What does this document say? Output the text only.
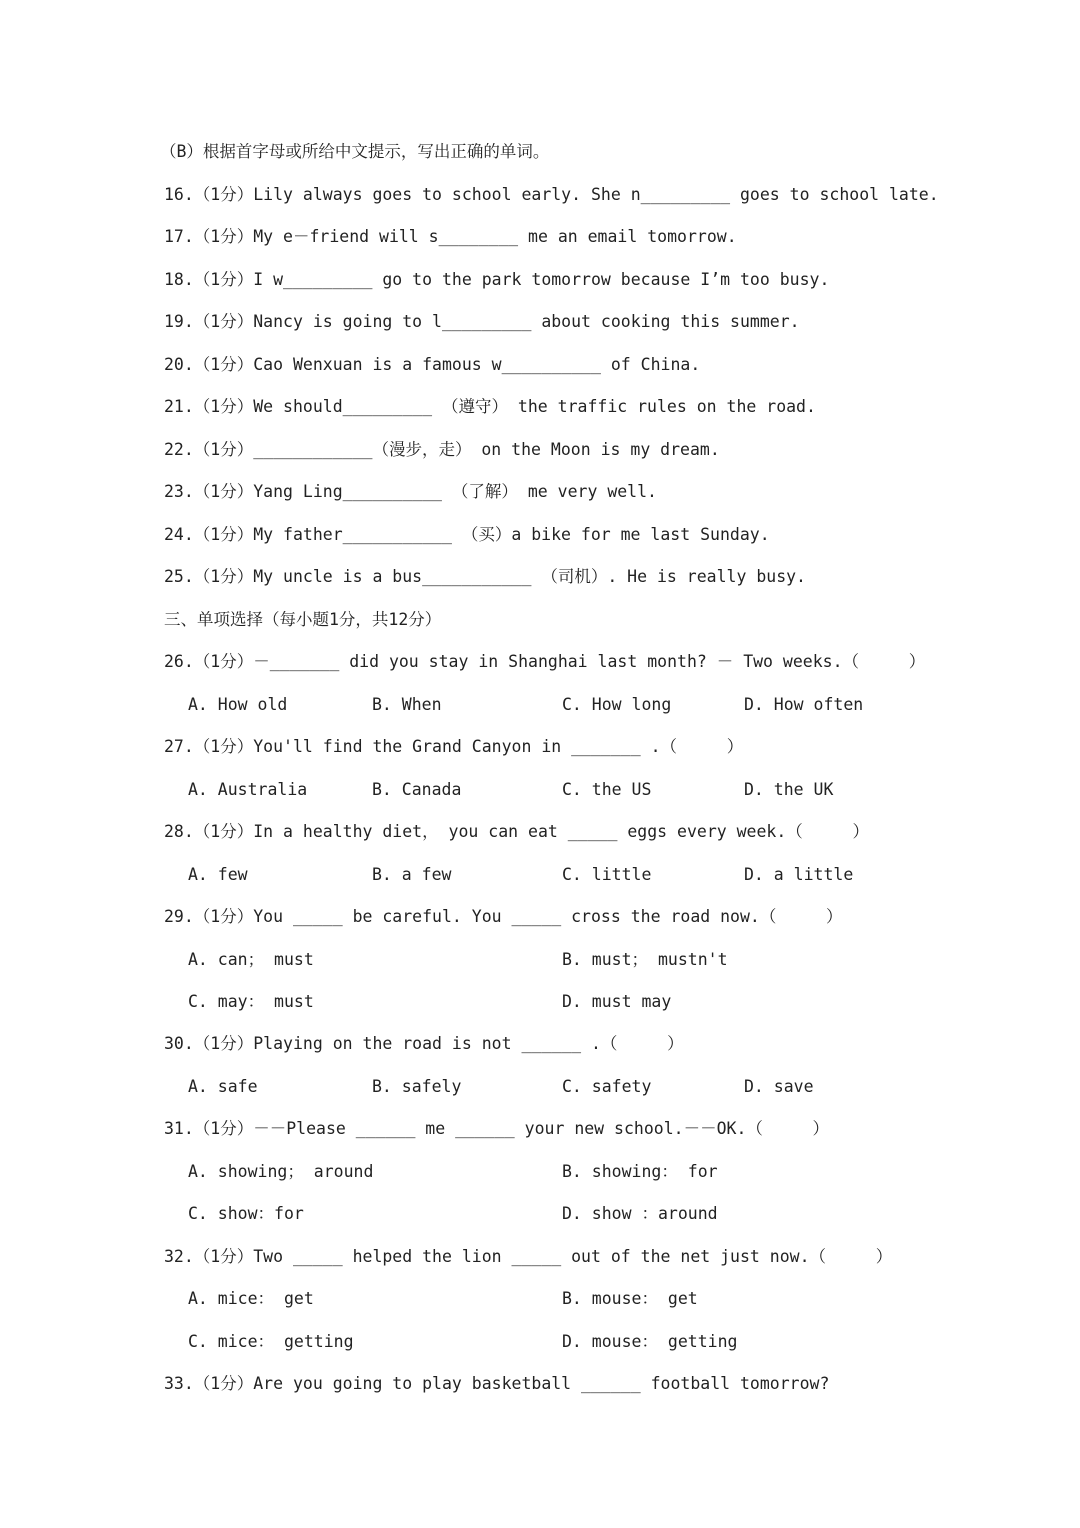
（B）根据首字母或所给中文提示，写出正确的单词。
16.（1分）Lily always goes to school early. She n_________ goes to school late.
17.（1分）My e－friend will s________ me an email tomorrow.
18.（1分）I w_________ go to the park tomorrow because I’m too busy.
19.（1分）Nancy is going to l_________ about cooking this summer.
20.（1分）Cao Wenxuan is a famous w__________ of China.
21.（1分）We should_________ （遵守） the traffic rules on the road.
22.（1分）____________（漫步，走） on the Moon is my dream.
23.（1分）Yang Ling__________ （了解） me very well.
24.（1分）My father___________ （买）a bike for me last Sunday.
25.（1分）My uncle is a bus___________ （司机）. He is really busy.
三、单项选择（每小题1分，共12分）
26.（1分）－_______ did you stay in Shanghai last month? － Two weeks.（     ）
A. How old	B. When	C. How long	D. How often
27.（1分）You'll find the Grand Canyon in _______ .（     ）
A. Australia	B. Canada	C. the US	D. the UK
28.（1分）In a healthy diet， you can eat _____ eggs every week.（     ）
A. few	B. a few	C. little	D. a little
29.（1分）You _____ be careful. You _____ cross the road now.（     ）
A. can； must	B. must； mustn't
C. may： must	D. must may
30.（1分）Playing on the road is not ______ .（     ）
A. safe	B. safely	C. safety	D. save
31.（1分）－－Please ______ me ______ your new school.－－OK.（     ）
A. showing； around	B. showing： for
C. show：for	D. show ：around
32.（1分）Two _____ helped the lion _____ out of the net just now.（     ）
A. mice： get	B. mouse： get
C. mice： getting	D. mouse： getting
33.（1分）Are you going to play basketball ______ football tomorrow?
